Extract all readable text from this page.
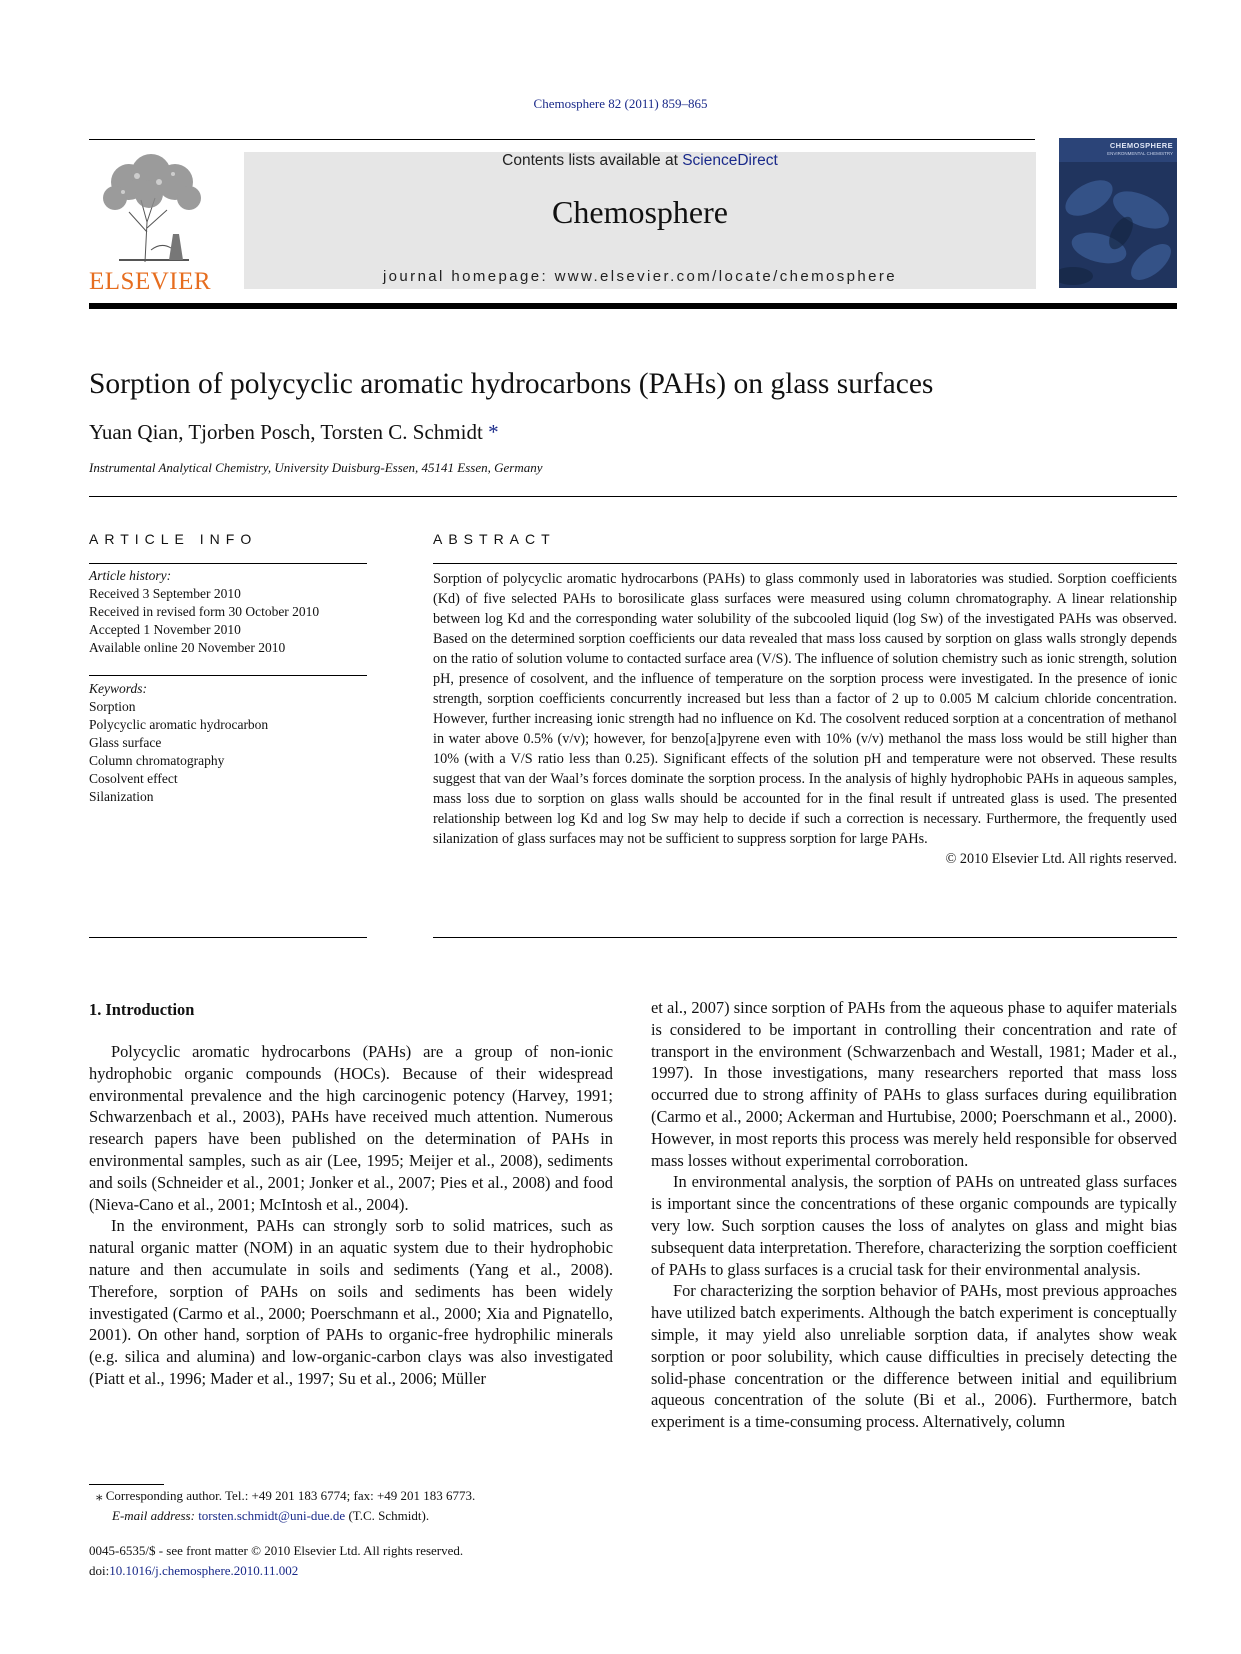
Chemosphere 82 (2011) 859–865
ELSEVIER
Contents lists available at ScienceDirect
Chemosphere
journal homepage: www.elsevier.com/locate/chemosphere
CHEMOSPHERE
ENVIRONMENTAL CHEMISTRY
Sorption of polycyclic aromatic hydrocarbons (PAHs) on glass surfaces
Yuan Qian, Tjorben Posch, Torsten C. Schmidt *
Instrumental Analytical Chemistry, University Duisburg-Essen, 45141 Essen, Germany
ARTICLE INFO
Article history:
Received 3 September 2010
Received in revised form 30 October 2010
Accepted 1 November 2010
Available online 20 November 2010
Keywords:
Sorption
Polycyclic aromatic hydrocarbon
Glass surface
Column chromatography
Cosolvent effect
Silanization
ABSTRACT

Sorption of polycyclic aromatic hydrocarbons (PAHs) to glass commonly used in laboratories was studied. Sorption coefficients (Kd) of five selected PAHs to borosilicate glass surfaces were measured using column chromatography. A linear relationship between log Kd and the corresponding water solubility of the subcooled liquid (log Sw) of the investigated PAHs was observed. Based on the determined sorption coefficients our data revealed that mass loss caused by sorption on glass walls strongly depends on the ratio of solution volume to contacted surface area (V/S). The influence of solution chemistry such as ionic strength, solution pH, presence of cosolvent, and the influence of temperature on the sorption process were investigated. In the presence of ionic strength, sorption coefficients concurrently increased but less than a factor of 2 up to 0.005 M calcium chloride concentration. However, further increasing ionic strength had no influence on Kd. The cosolvent reduced sorption at a concentration of methanol in water above 0.5% (v/v); however, for benzo[a]pyrene even with 10% (v/v) methanol the mass loss would be still higher than 10% (with a V/S ratio less than 0.25). Significant effects of the solution pH and temperature were not observed. These results suggest that van der Waal’s forces dominate the sorption process. In the analysis of highly hydrophobic PAHs in aqueous samples, mass loss due to sorption on glass walls should be accounted for in the final result if untreated glass is used. The presented relationship between log Kd and log Sw may help to decide if such a correction is necessary. Furthermore, the frequently used silanization of glass surfaces may not be sufficient to suppress sorption for large PAHs.

© 2010 Elsevier Ltd. All rights reserved.
1. Introduction

Polycyclic aromatic hydrocarbons (PAHs) are a group of non-ionic hydrophobic organic compounds (HOCs). Because of their widespread environmental prevalence and the high carcinogenic potency (Harvey, 1991; Schwarzenbach et al., 2003), PAHs have received much attention. Numerous research papers have been published on the determination of PAHs in environmental samples, such as air (Lee, 1995; Meijer et al., 2008), sediments and soils (Schneider et al., 2001; Jonker et al., 2007; Pies et al., 2008) and food (Nieva-Cano et al., 2001; McIntosh et al., 2004).

In the environment, PAHs can strongly sorb to solid matrices, such as natural organic matter (NOM) in an aquatic system due to their hydrophobic nature and then accumulate in soils and sediments (Yang et al., 2008). Therefore, sorption of PAHs on soils and sediments has been widely investigated (Carmo et al., 2000; Poerschmann et al., 2000; Xia and Pignatello, 2001). On other hand, sorption of PAHs to organic-free hydrophilic minerals (e.g. silica and alumina) and low-organic-carbon clays was also investigated (Piatt et al., 1996; Mader et al., 1997; Su et al., 2006; Müller

et al., 2007) since sorption of PAHs from the aqueous phase to aquifer materials is considered to be important in controlling their concentration and rate of transport in the environment (Schwarzenbach and Westall, 1981; Mader et al., 1997). In those investigations, many researchers reported that mass loss occurred due to strong affinity of PAHs to glass surfaces during equilibration (Carmo et al., 2000; Ackerman and Hurtubise, 2000; Poerschmann et al., 2000). However, in most reports this process was merely held responsible for observed mass losses without experimental corroboration.

In environmental analysis, the sorption of PAHs on untreated glass surfaces is important since the concentrations of these organic compounds are typically very low. Such sorption causes the loss of analytes on glass and might bias subsequent data interpretation. Therefore, characterizing the sorption coefficient of PAHs to glass surfaces is a crucial task for their environmental analysis.

For characterizing the sorption behavior of PAHs, most previous approaches have utilized batch experiments. Although the batch experiment is conceptually simple, it may yield also unreliable sorption data, if analytes show weak sorption or poor solubility, which cause difficulties in precisely detecting the solid-phase concentration or the difference between initial and equilibrium aqueous concentration of the solute (Bi et al., 2006). Furthermore, batch experiment is a time-consuming process. Alternatively, column

⁎ Corresponding author. Tel.: +49 201 183 6774; fax: +49 201 183 6773.
E-mail address: torsten.schmidt@uni-due.de (T.C. Schmidt).
0045-6535/$ - see front matter © 2010 Elsevier Ltd. All rights reserved.
doi:10.1016/j.chemosphere.2010.11.002
